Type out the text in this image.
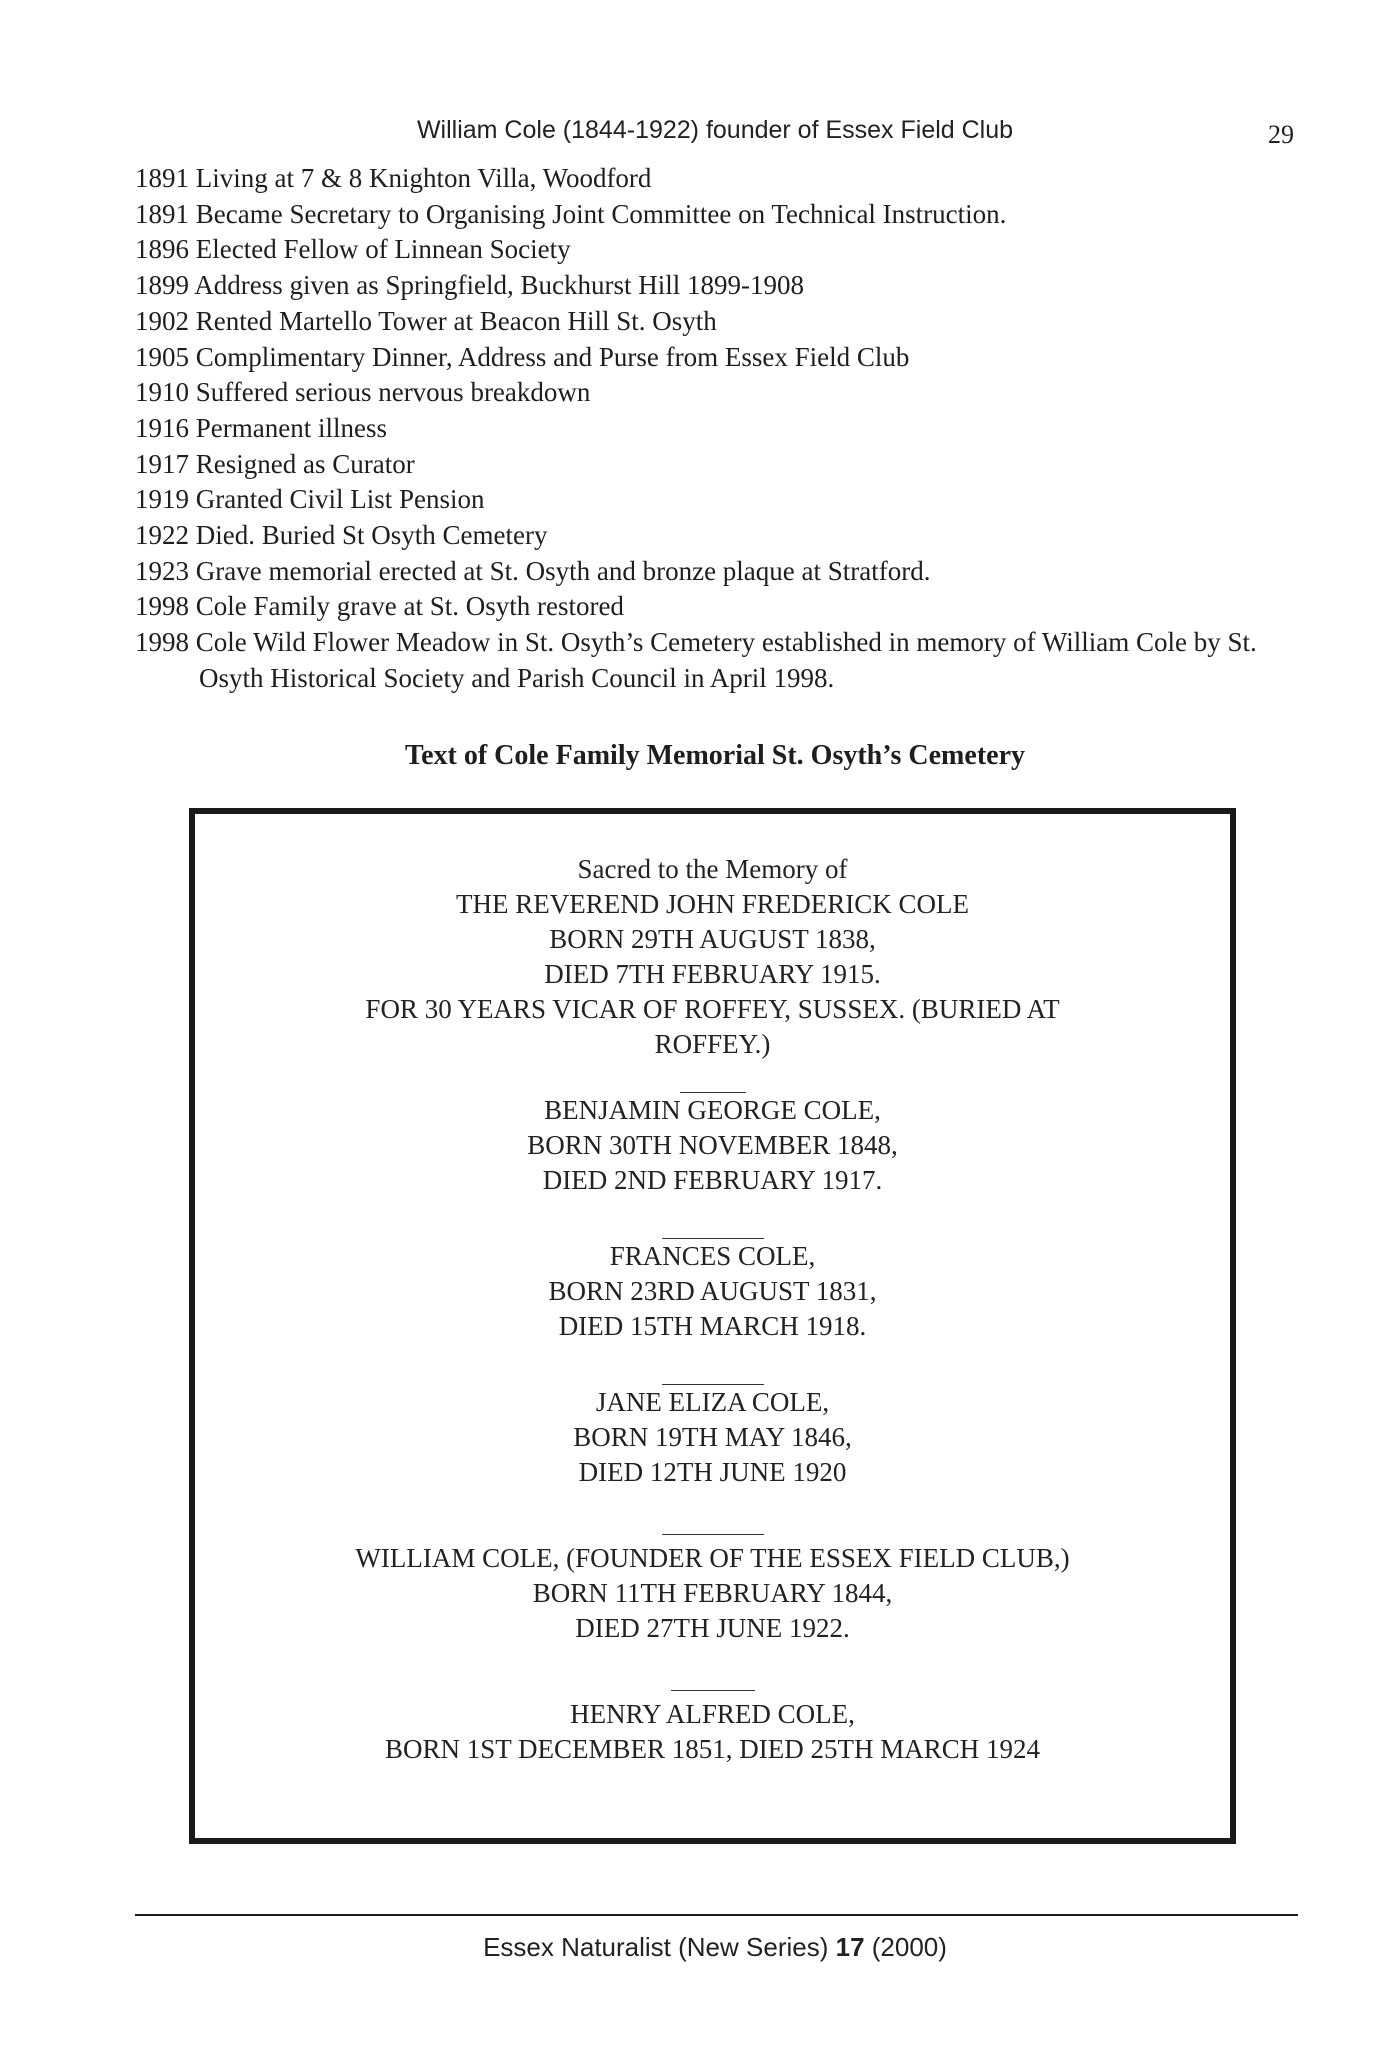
William Cole (1844-1922) founder of Essex Field Club	29
1891 Living at 7 & 8 Knighton Villa, Woodford
1891 Became Secretary to Organising Joint Committee on Technical Instruction.
1896 Elected Fellow of Linnean Society
1899 Address given as Springfield, Buckhurst Hill 1899-1908
1902 Rented Martello Tower at Beacon Hill St. Osyth
1905 Complimentary Dinner, Address and Purse from Essex Field Club
1910 Suffered serious nervous breakdown
1916 Permanent illness
1917 Resigned as Curator
1919 Granted Civil List Pension
1922 Died. Buried St Osyth Cemetery
1923 Grave memorial erected at St. Osyth and bronze plaque at Stratford.
1998 Cole Family grave at St. Osyth restored
1998 Cole Wild Flower Meadow in St. Osyth’s Cemetery established in memory of William Cole by St. Osyth Historical Society and Parish Council in April 1998.
Text of Cole Family Memorial St. Osyth’s Cemetery
Sacred to the Memory of
THE REVEREND JOHN FREDERICK COLE
BORN 29TH AUGUST 1838,
DIED 7TH FEBRUARY 1915.
FOR 30 YEARS VICAR OF ROFFEY, SUSSEX. (BURIED AT
ROFFEY.)
BENJAMIN GEORGE COLE,
BORN 30TH NOVEMBER 1848,
DIED 2ND FEBRUARY 1917.
FRANCES COLE,
BORN 23RD AUGUST 1831,
DIED 15TH MARCH 1918.
JANE ELIZA COLE,
BORN 19TH MAY 1846,
DIED 12TH JUNE 1920
WILLIAM COLE, (FOUNDER OF THE ESSEX FIELD CLUB,)
BORN 11TH FEBRUARY 1844,
DIED 27TH JUNE 1922.
HENRY ALFRED COLE,
BORN 1ST DECEMBER 1851, DIED 25TH MARCH 1924
Essex Naturalist (New Series) 17 (2000)
